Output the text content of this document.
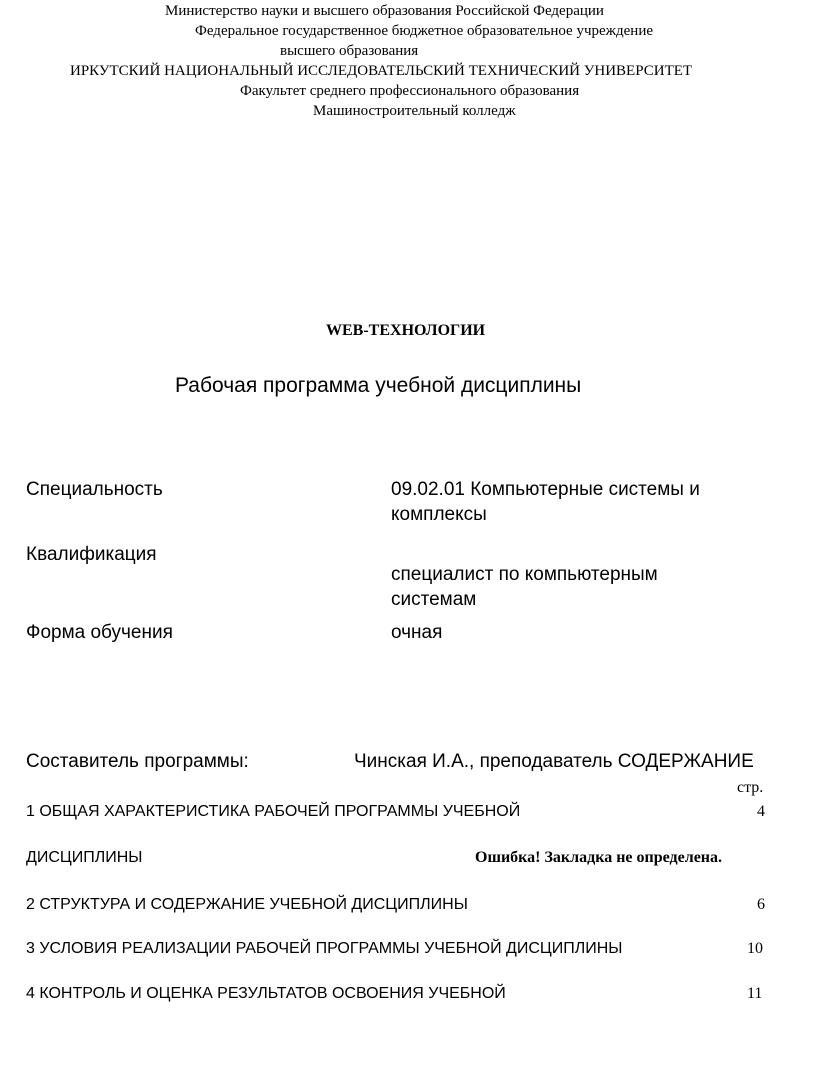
Министерство науки и высшего образования Российской Федерации
Федеральное государственное бюджетное образовательное учреждение
высшего образования
ИРКУТСКИЙ НАЦИОНАЛЬНЫЙ ИССЛЕДОВАТЕЛЬСКИЙ ТЕХНИЧЕСКИЙ УНИВЕРСИТЕТ
Факультет среднего профессионального образования
Машиностроительный колледж
WEB-ТЕХНОЛОГИИ
Рабочая программа учебной дисциплины
Специальность	09.02.01 Компьютерные системы и
комплексы
Квалификация
специалист по компьютерным
системам
Форма обучения	очная
Составитель программы:	Чинская И.А., преподаватель СОДЕРЖАНИЕ
стр.
1 ОБЩАЯ ХАРАКТЕРИСТИКА РАБОЧЕЙ ПРОГРАММЫ УЧЕБНОЙ	4
ДИСЦИПЛИНЫ	Ошибка! Закладка не определена.
2 СТРУКТУРА И СОДЕРЖАНИЕ УЧЕБНОЙ ДИСЦИПЛИНЫ	6
3 УСЛОВИЯ РЕАЛИЗАЦИИ РАБОЧЕЙ ПРОГРАММЫ УЧЕБНОЙ ДИСЦИПЛИНЫ	10
4 КОНТРОЛЬ И ОЦЕНКА РЕЗУЛЬТАТОВ ОСВОЕНИЯ УЧЕБНОЙ	11
